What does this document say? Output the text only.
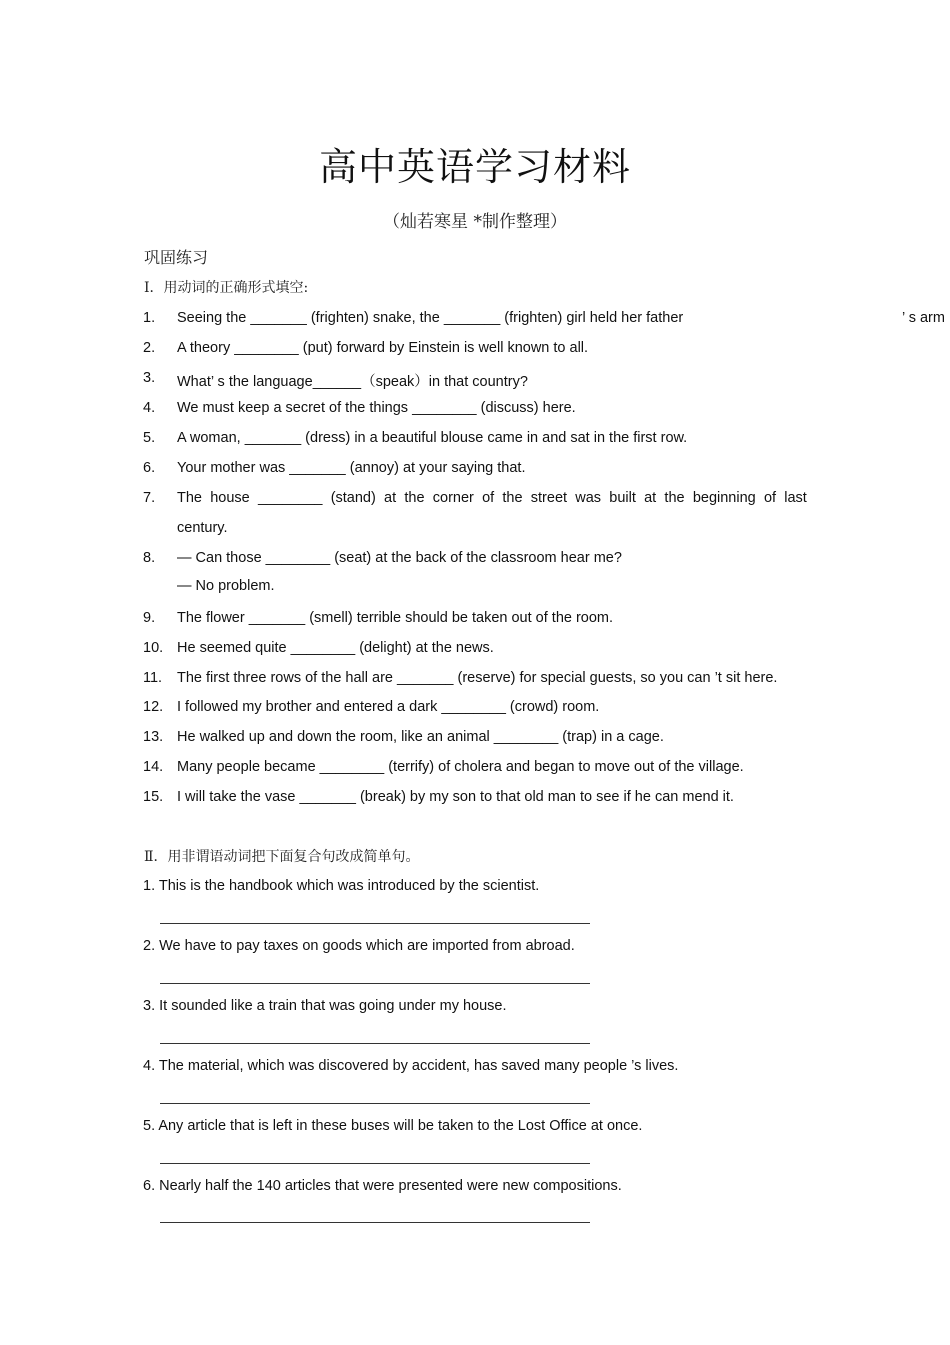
高中英语学习材料
（灿若寒星 *制作整理）
巩固练习
Ⅰ．用动词的正确形式填空:
1. Seeing the _______ (frighten) snake, the _______ (frighten) girl held her father	’ s arm
2. A theory ________ (put) forward by Einstein is well known to all.
3. What’ s the language______（speak）in that country?
4. We must keep a secret of the things ________ (discuss) here.
5. A woman, _______ (dress) in a beautiful blouse came in and sat in the first row.
6. Your mother was _______ (annoy) at your saying that.
7. The house ________ (stand) at the corner of the street was built at the beginning of last
century.
8. — Can those ________ (seat) at the back of the classroom hear me?
— No problem.
9. The flower _______ (smell) terrible should be taken out of the room.
10. He seemed quite ________ (delight) at the news.
11. The first three rows of the hall are _______ (reserve) for special guests, so you can ’t sit here.
12. I followed my brother and entered a dark ________ (crowd) room.
13. He walked up and down the room, like an animal ________ (trap) in a cage.
14. Many people became ________ (terrify) of cholera and began to move out of the village.
15. I will take the vase _______ (break) by my son to that old man to see if he can mend it.
Ⅱ．用非谓语动词把下面复合句改成简单句。
1. This is the handbook which was introduced by the scientist.
2. We have to pay taxes on goods which are imported from abroad.
3. It sounded like a train that was going under my house.
4. The material, which was discovered by accident, has saved many people ’s lives.
5. Any article that is left in these buses will be taken to the Lost Office at once.
6. Nearly half the 140 articles that were presented were new compositions.
